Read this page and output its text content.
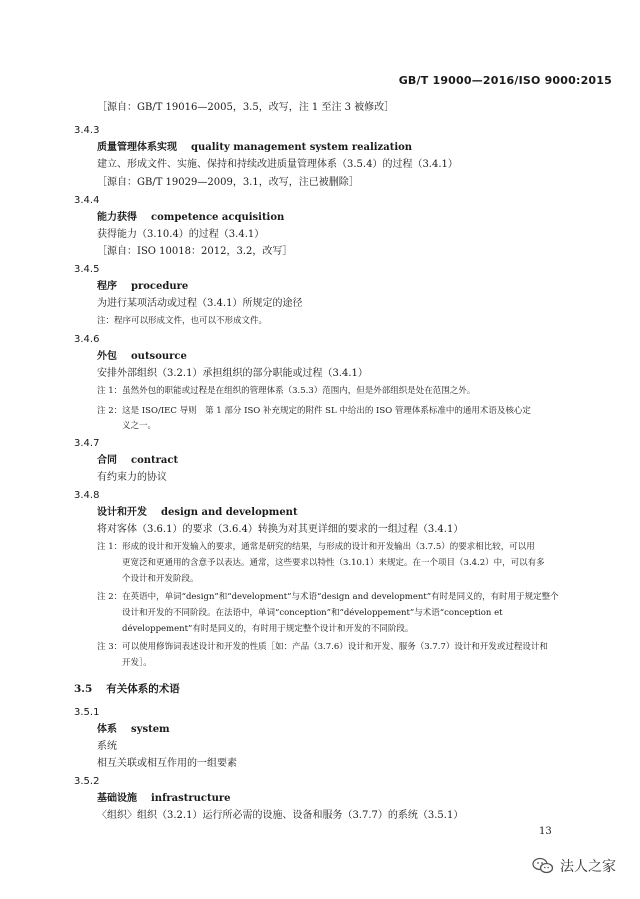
GB/T 19000—2016/ISO 9000:2015
［源自：GB/T 19016—2005，3.5，改写，注 1 至注 3 被修改］
3.4.3
质量管理体系实现 quality management system realization
建立、形成文件、实施、保持和持续改进质量管理体系（3.5.4）的过程（3.4.1）
［源自：GB/T 19029—2009，3.1，改写，注已被删除］
3.4.4
能力获得 competence acquisition
获得能力（3.10.4）的过程（3.4.1）
［源自：ISO 10018：2012，3.2，改写］
3.4.5
程序 procedure
为进行某项活动或过程（3.4.1）所规定的途径
注：程序可以形成文件，也可以不形成文件。
3.4.6
外包 outsource
安排外部组织（3.2.1）承担组织的部分职能或过程（3.4.1）
注 1：虽然外包的职能或过程是在组织的管理体系（3.5.3）范围内，但是外部组织是处在范围之外。
注 2：这是 ISO/IEC 导则　第 1 部分 ISO 补充规定的附件 SL 中给出的 ISO 管理体系标准中的通用术语及核心定
义之一。
3.4.7
合同 contract
有约束力的协议
3.4.8
设计和开发 design and development
将对客体（3.6.1）的要求（3.6.4）转换为对其更详细的要求的一组过程（3.4.1）
注 1：形成的设计和开发输入的要求，通常是研究的结果，与形成的设计和开发输出（3.7.5）的要求相比较，可以用
更宽泛和更通用的含意予以表达。通常，这些要求以特性（3.10.1）来规定。在一个项目（3.4.2）中，可以有多
个设计和开发阶段。
注 2：在英语中，单词“design”和“development”与术语“design and development”有时是同义的，有时用于规定整个
设计和开发的不同阶段。在法语中，单词“conception”和“développement”与术语“conception et
développement”有时是同义的，有时用于规定整个设计和开发的不同阶段。
注 3：可以使用修饰词表述设计和开发的性质［如：产品（3.7.6）设计和开发、服务（3.7.7）设计和开发或过程设计和
开发］。
3.5 有关体系的术语
3.5.1
体系 system
系统
相互关联或相互作用的一组要素
3.5.2
基础设施 infrastructure
〈组织〉组织（3.2.1）运行所必需的设施、设备和服务（3.7.7）的系统（3.5.1）
13
法人之家
